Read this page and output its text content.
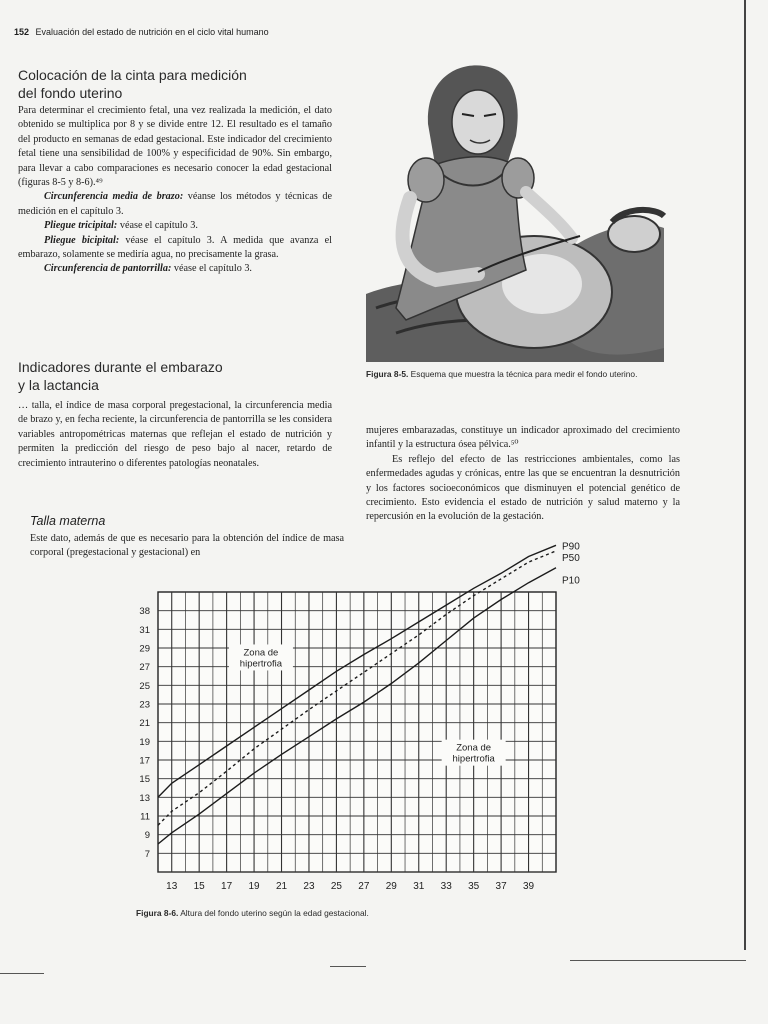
152 Evaluación del estado de nutrición en el ciclo vital humano
Colocación de la cinta para medición
del fondo uterino

Para determinar el crecimiento fetal, una vez realizada la medición, el dato obtenido se multiplica por 8 y se divide entre 12. El resultado es el tamaño del producto en semanas de edad gestacional. Este indicador del crecimiento fetal tiene una sensibilidad de 100% y especificidad de 90%. Sin embargo, para llevar a cabo comparaciones es necesario conocer la edad gestacional (figuras 8-5 y 8-6).⁴⁹

Circunferencia media de brazo: véanse los métodos y técnicas de medición en el capítulo 3.

Pliegue tricipital: véase el capítulo 3.

Pliegue bicipital: véase el capítulo 3. A medida que avanza el embarazo, solamente se mediría agua, no precisamente la grasa.

Circunferencia de pantorrilla: véase el capítulo 3.

Indicadores durante el embarazo
y la lactancia

… talla, el índice de masa corporal pregestacional, la circunferencia media de brazo y, en fecha reciente, la circunferencia de pantorrilla se les considera variables antropométricas maternas que reflejan el estado de nutrición y permiten la predicción del riesgo de peso bajo al nacer, retardo de crecimiento intrauterino o diferentes patologías neonatales.

Talla materna

Este dato, además de que es necesario para la obtención del índice de masa corporal (pregestacional y gestacional) en

Figura 8-5. Esquema que muestra la técnica para medir el fondo uterino.

mujeres embarazadas, constituye un indicador aproximado del crecimiento infantil y la estructura ósea pélvica.⁵⁰

Es reflejo del efecto de las restricciones ambientales, como las enfermedades agudas y crónicas, entre las que se encuentran la desnutrición y los factores socioeconómicos que disminuyen el potencial genético de crecimiento. Esto evidencia el estado de nutrición y salud materno y la repercusión en la evolución de la gestación.

13 15 17 19 21 23 25 27 29 31 33 35 37 39
7
9
11
13
15
17
19
21
23
25
27
29
31
38
P90
P50
P10
Zona de
hipertrofia
Zona de
hipertrofia
Figura 8-6. Altura del fondo uterino según la edad gestacional.
